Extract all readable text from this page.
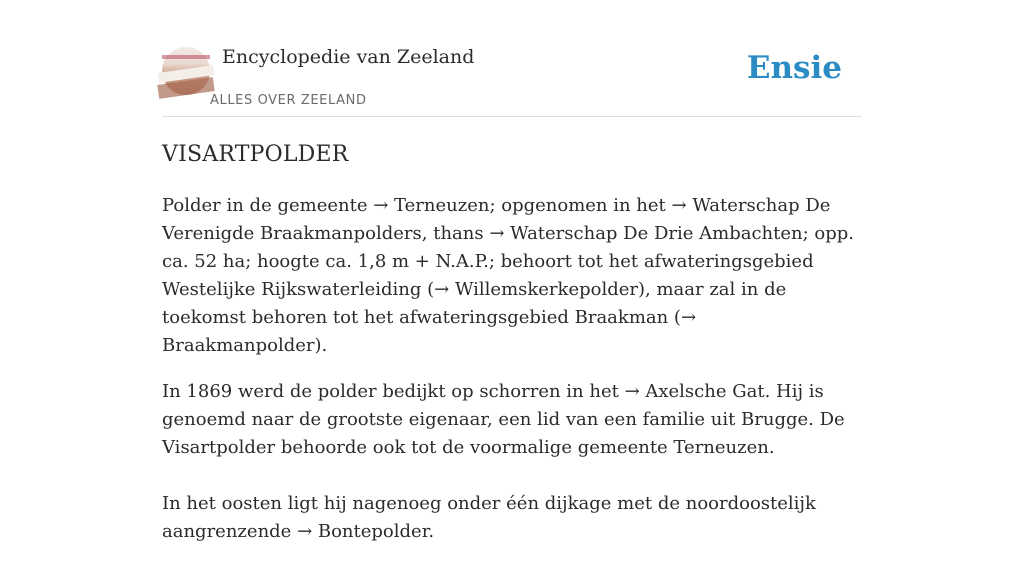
Encyclopedie van Zeeland
ALLES OVER ZEELAND
Ensie
VISARTPOLDER

Polder in de gemeente → Terneuzen; opgenomen in het → Waterschap De Verenigde Braakmanpolders, thans → Waterschap De Drie Ambachten; opp. ca. 52 ha; hoogte ca. 1,8 m + N.A.P.; behoort tot het afwateringsgebied Westelijke Rijkswaterleiding (→ Willemskerkepolder), maar zal in de toekomst behoren tot het afwateringsgebied Braakman (→ Braakmanpolder).

In 1869 werd de polder bedijkt op schorren in het → Axelsche Gat. Hij is genoemd naar de grootste eigenaar, een lid van een familie uit Brugge. De Visartpolder behoorde ook tot de voormalige gemeente Terneuzen.

In het oosten ligt hij nagenoeg onder één dijkage met de noordoostelijk aangrenzende → Bontepolder.
